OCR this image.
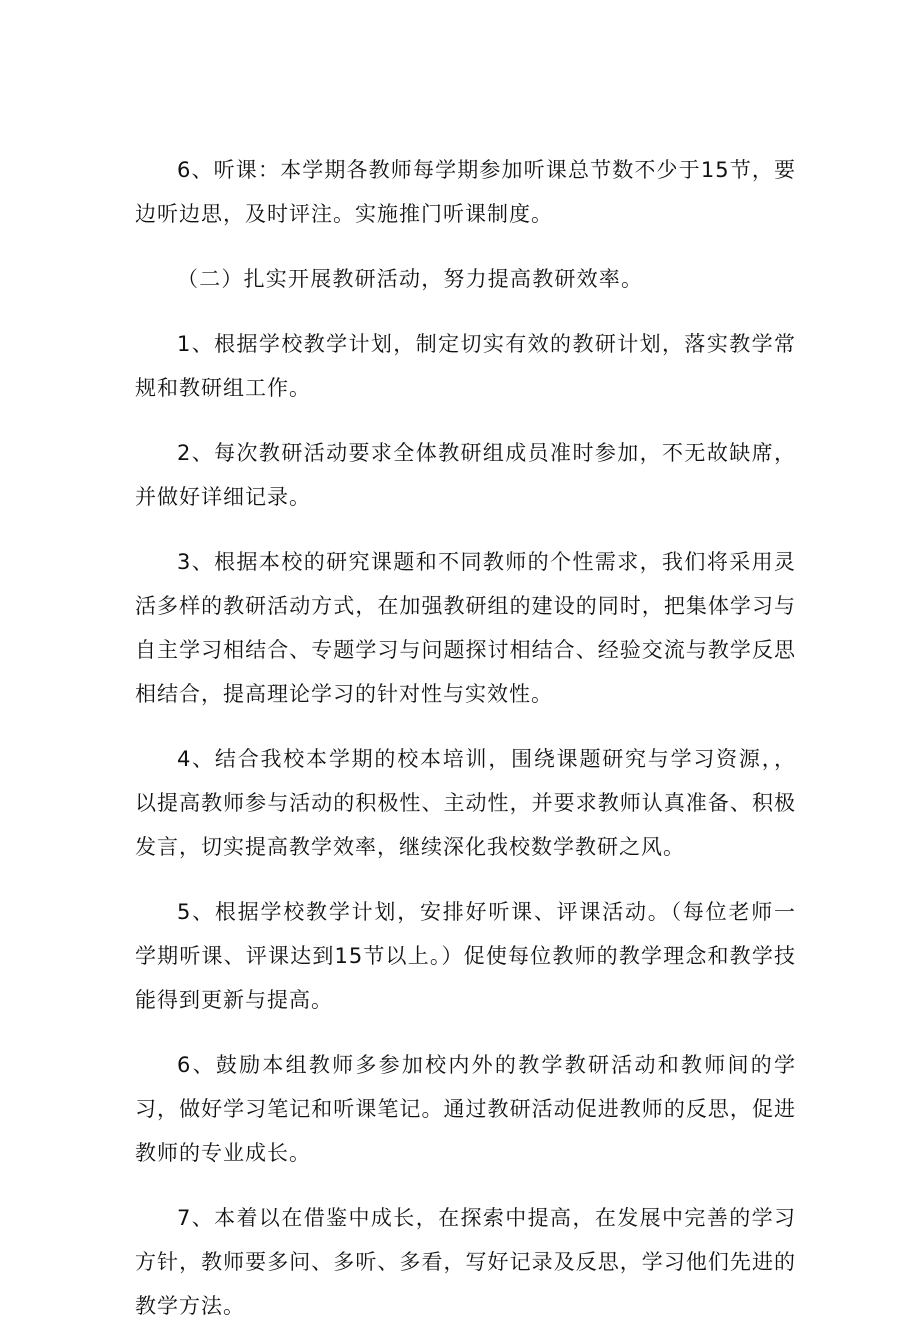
6、听课：本学期各教师每学期参加听课总节数不少于15节，要边听边思，及时评注。实施推门听课制度。

（二）扎实开展教研活动，努力提高教研效率。

1、根据学校教学计划，制定切实有效的教研计划，落实教学常规和教研组工作。

2、每次教研活动要求全体教研组成员准时参加，不无故缺席，并做好详细记录。

3、根据本校的研究课题和不同教师的个性需求，我们将采用灵活多样的教研活动方式，在加强教研组的建设的同时，把集体学习与自主学习相结合、专题学习与问题探讨相结合、经验交流与教学反思相结合，提高理论学习的针对性与实效性。

4、结合我校本学期的校本培训，围绕课题研究与学习资源，，以提高教师参与活动的积极性、主动性，并要求教师认真准备、积极发言，切实提高教学效率，继续深化我校数学教研之风。

5、根据学校教学计划，安排好听课、评课活动。（每位老师一学期听课、评课达到15节以上。）促使每位教师的教学理念和教学技能得到更新与提高。

6、鼓励本组教师多参加校内外的教学教研活动和教师间的学习，做好学习笔记和听课笔记。通过教研活动促进教师的反思，促进教师的专业成长。

7、本着以在借鉴中成长，在探索中提高，在发展中完善的学习方针，教师要多问、多听、多看，写好记录及反思，学习他们先进的教学方法。
